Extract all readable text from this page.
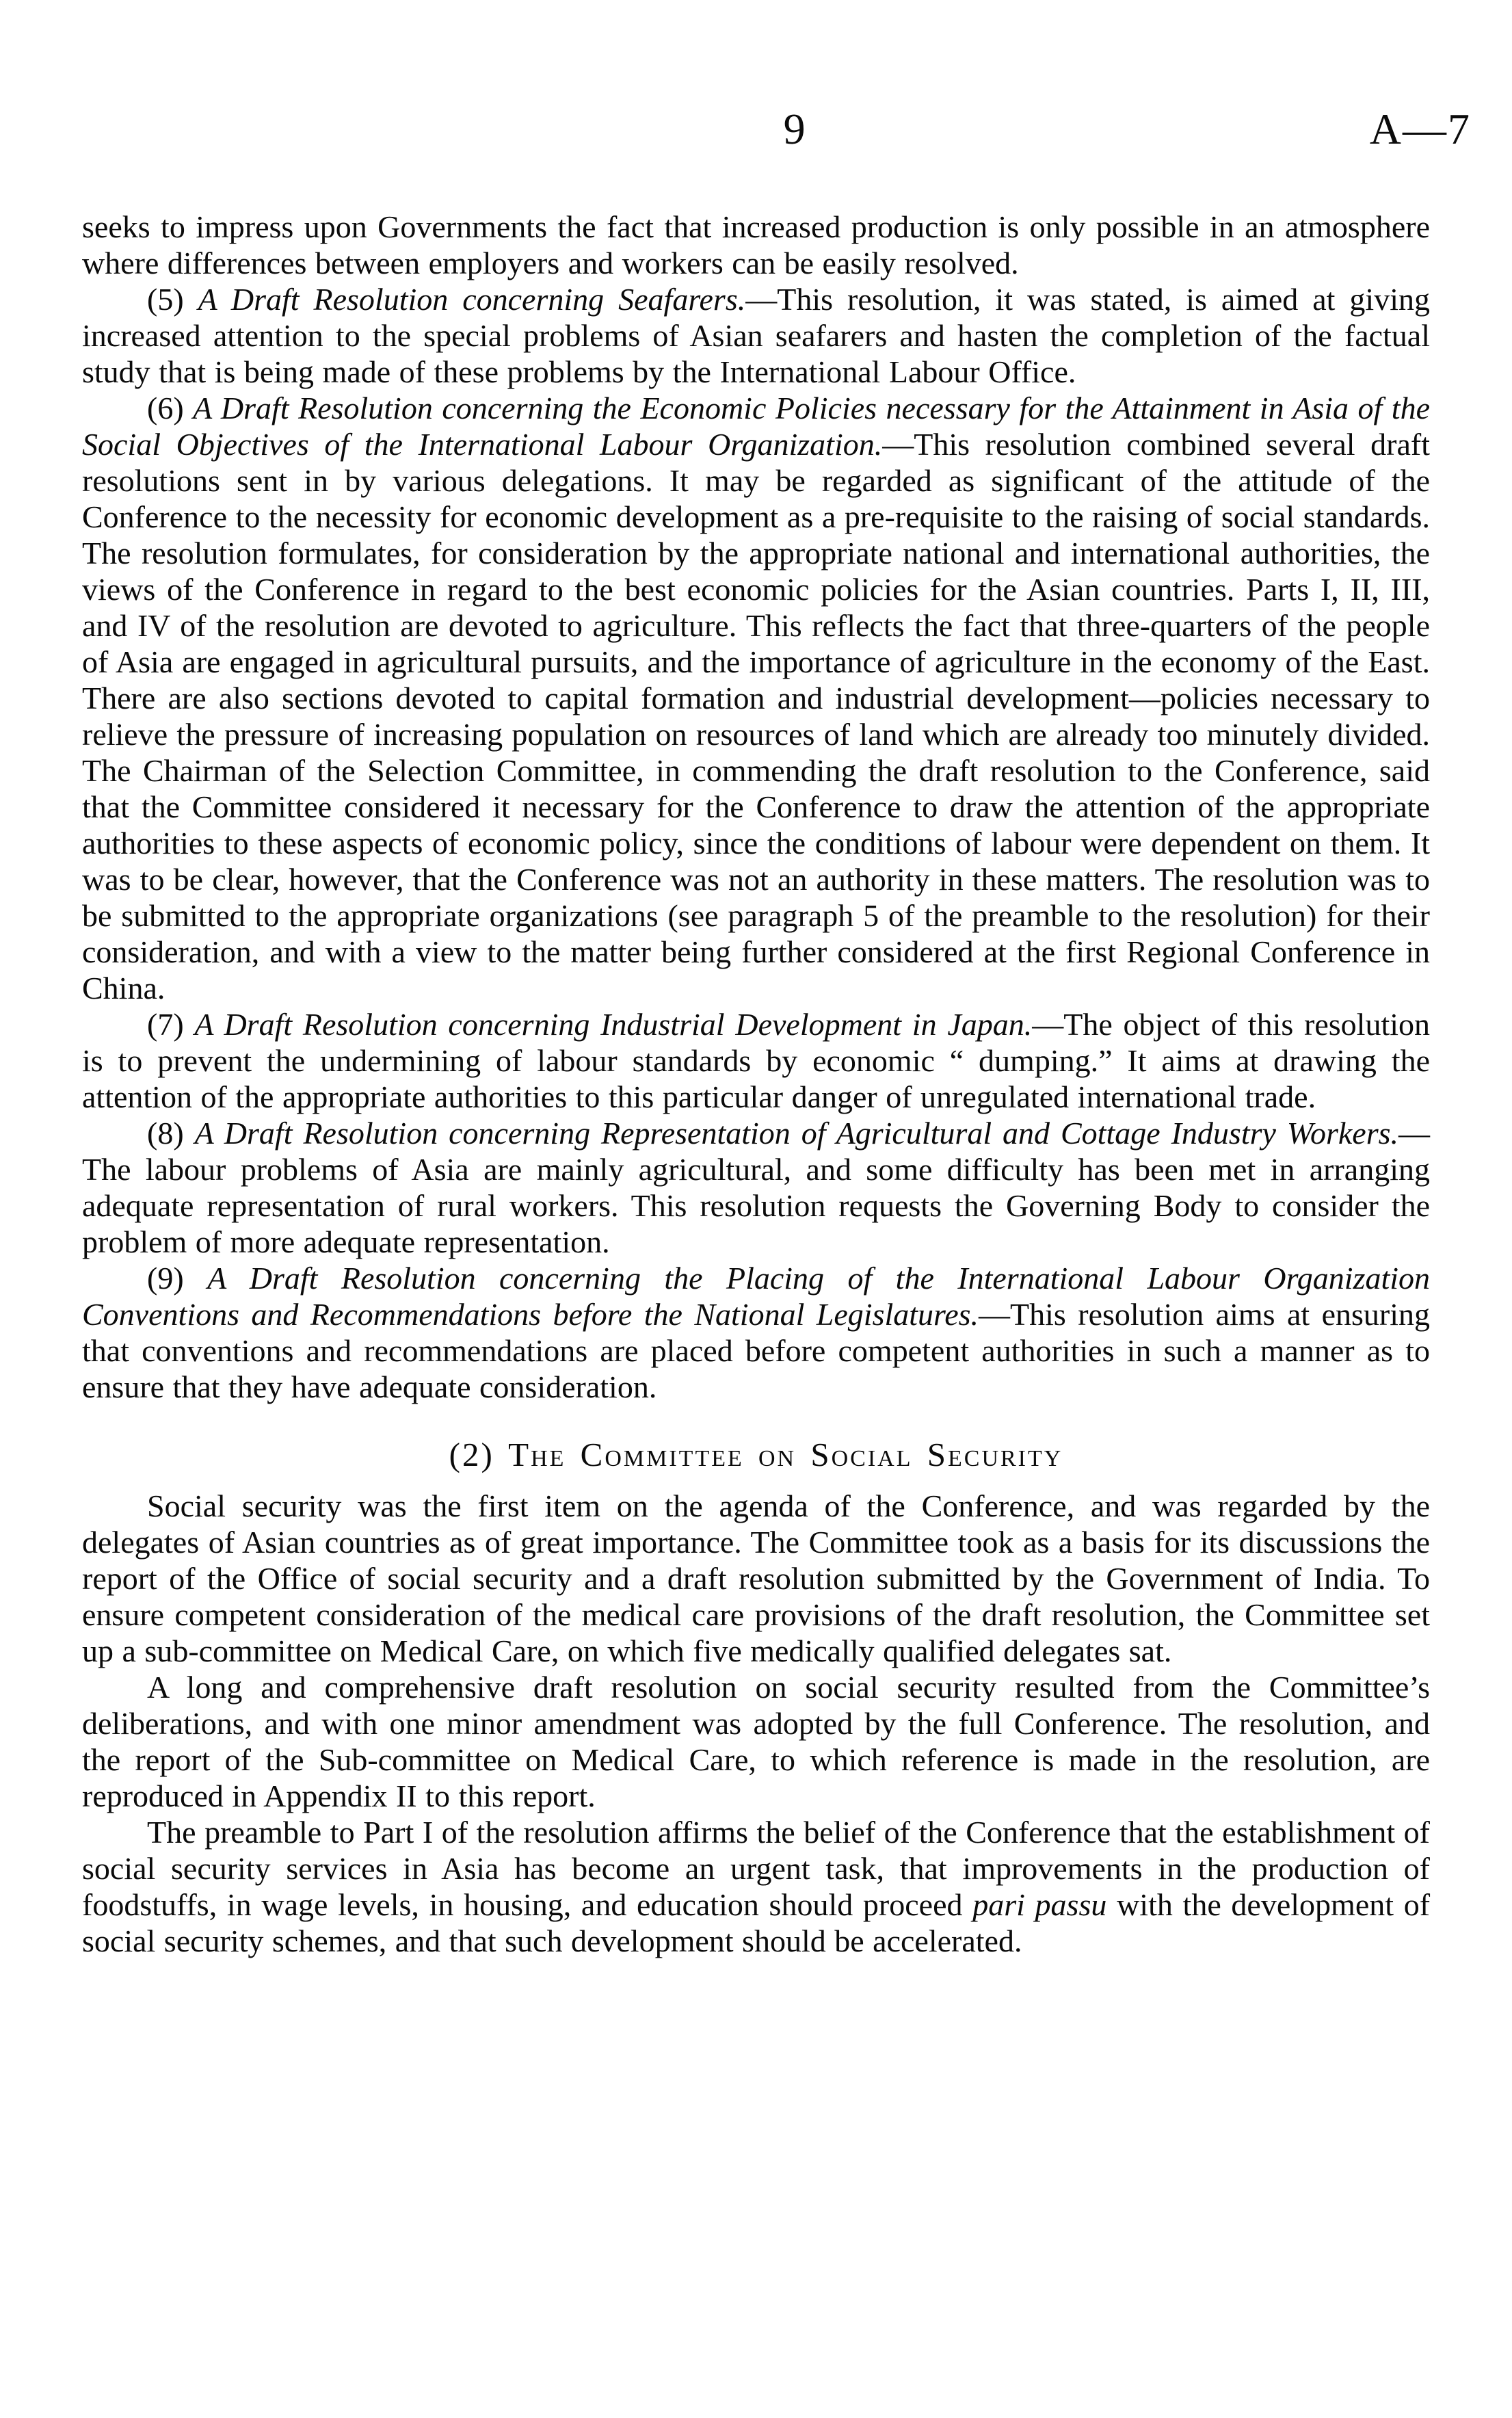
9	A—7

seeks to impress upon Governments the fact that increased production is only possible in an atmosphere where differences between employers and workers can be easily resolved.

(5) A Draft Resolution concerning Seafarers.—This resolution, it was stated, is aimed at giving increased attention to the special problems of Asian seafarers and hasten the completion of the factual study that is being made of these problems by the International Labour Office.

(6) A Draft Resolution concerning the Economic Policies necessary for the Attainment in Asia of the Social Objectives of the International Labour Organization.—This resolution combined several draft resolutions sent in by various delegations. It may be regarded as significant of the attitude of the Conference to the necessity for economic development as a pre-requisite to the raising of social standards. The resolution formulates, for consideration by the appropriate national and international authorities, the views of the Conference in regard to the best economic policies for the Asian countries. Parts I, II, III, and IV of the resolution are devoted to agriculture. This reflects the fact that three-quarters of the people of Asia are engaged in agricultural pursuits, and the importance of agriculture in the economy of the East. There are also sections devoted to capital formation and industrial development—policies necessary to relieve the pressure of increasing population on resources of land which are already too minutely divided. The Chairman of the Selection Committee, in commending the draft resolution to the Conference, said that the Committee considered it necessary for the Conference to draw the attention of the appropriate authorities to these aspects of economic policy, since the conditions of labour were dependent on them. It was to be clear, however, that the Conference was not an authority in these matters. The resolution was to be submitted to the appropriate organizations (see paragraph 5 of the preamble to the resolution) for their consideration, and with a view to the matter being further considered at the first Regional Conference in China.

(7) A Draft Resolution concerning Industrial Development in Japan.—The object of this resolution is to prevent the undermining of labour standards by economic “ dumping.” It aims at drawing the attention of the appropriate authorities to this particular danger of unregulated international trade.

(8) A Draft Resolution concerning Representation of Agricultural and Cottage Industry Workers.—The labour problems of Asia are mainly agricultural, and some difficulty has been met in arranging adequate representation of rural workers. This resolution requests the Governing Body to consider the problem of more adequate representation.

(9) A Draft Resolution concerning the Placing of the International Labour Organization Conventions and Recommendations before the National Legislatures.—This resolution aims at ensuring that conventions and recommendations are placed before competent authorities in such a manner as to ensure that they have adequate consideration.

(2) The Committee on Social Security

Social security was the first item on the agenda of the Conference, and was regarded by the delegates of Asian countries as of great importance. The Committee took as a basis for its discussions the report of the Office of social security and a draft resolution submitted by the Government of India. To ensure competent consideration of the medical care provisions of the draft resolution, the Committee set up a sub-committee on Medical Care, on which five medically qualified delegates sat.

A long and comprehensive draft resolution on social security resulted from the Committee’s deliberations, and with one minor amendment was adopted by the full Conference. The resolution, and the report of the Sub-committee on Medical Care, to which reference is made in the resolution, are reproduced in Appendix II to this report.

The preamble to Part I of the resolution affirms the belief of the Conference that the establishment of social security services in Asia has become an urgent task, that improvements in the production of foodstuffs, in wage levels, in housing, and education should proceed pari passu with the development of social security schemes, and that such development should be accelerated.
